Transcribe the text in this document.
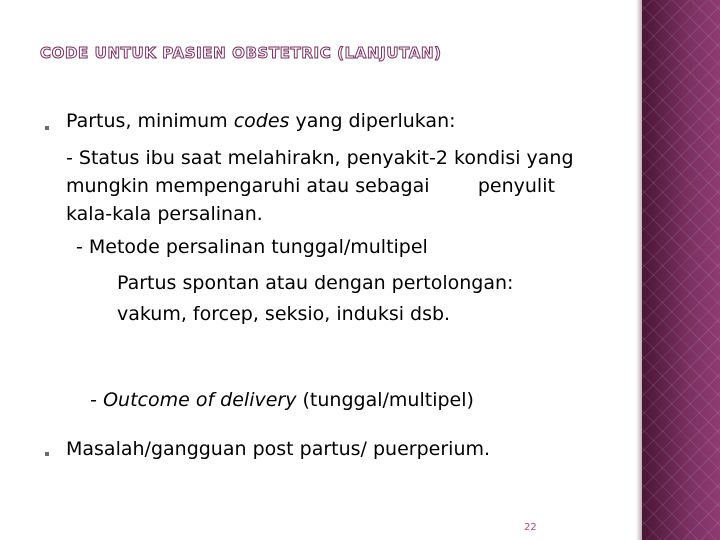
CODE UNTUK PASIEN OBSTETRIC (LANJUTAN)
Partus, minimum codes yang diperlukan:
- Status ibu saat melahirakn, penyakit-2 kondisi yang
mungkin mempengaruhi atau sebagai        penyulit
kala-kala persalinan.
- Metode persalinan tunggal/multipel
Partus spontan atau dengan pertolongan:
vakum, forcep, seksio, induksi dsb.

- Outcome of delivery (tunggal/multipel)

Masalah/gangguan post partus/ puerperium.
22
